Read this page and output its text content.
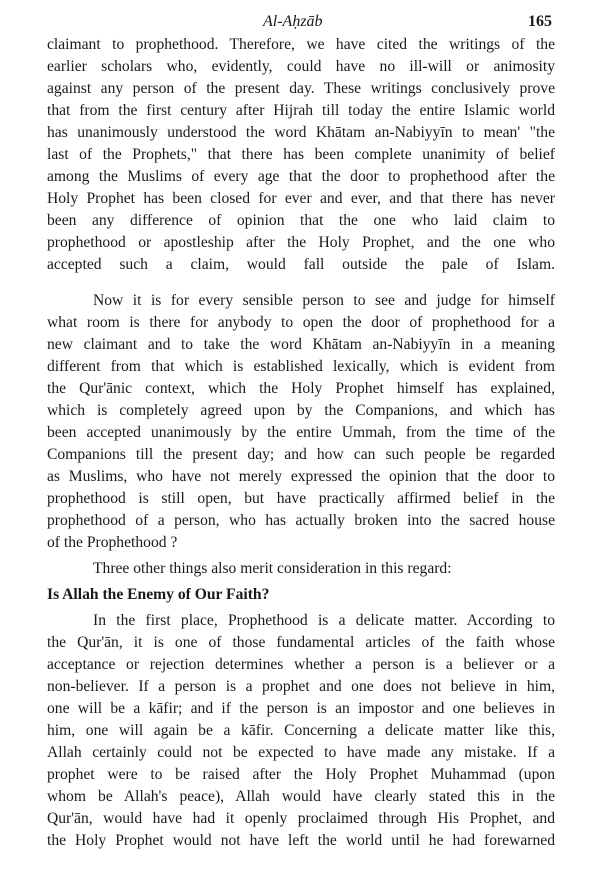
Al-Aḥzāb	165
claimant to prophethood. Therefore, we have cited the writings of the
earlier scholars who, evidently, could have no ill-will or animosity
against any person of the present day. These writings conclusively prove
that from the first century after Hijrah till today the entire Islamic world
has unanimously understood the word Khātam an-Nabiyyīn to mean' "the
last of the Prophets," that there has been complete unanimity of belief
among the Muslims of every age that the door to prophethood after the
Holy Prophet has been closed for ever and ever, and that there has never
been any difference of opinion that the one who laid claim to
prophethood or apostleship after the Holy Prophet, and the one who
accepted such a claim, would fall outside the pale of Islam.
Now it is for every sensible person to see and judge for himself
what room is there for anybody to open the door of prophethood for a
new claimant and to take the word Khātam an-Nabiyyīn in a meaning
different from that which is established lexically, which is evident from
the Qur'ānic context, which the Holy Prophet himself has explained,
which is completely agreed upon by the Companions, and which has
been accepted unanimously by the entire Ummah, from the time of the
Companions till the present day; and how can such people be regarded
as Muslims, who have not merely expressed the opinion that the door to
prophethood is still open, but have practically affirmed belief in the
prophethood of a person, who has actually broken into the sacred house
of the Prophethood ?
Three other things also merit consideration in this regard:
Is Allah the Enemy of Our Faith?
In the first place, Prophethood is a delicate matter. According to
the Qur'ān, it is one of those fundamental articles of the faith whose
acceptance or rejection determines whether a person is a believer or a
non-believer. If a person is a prophet and one does not believe in him,
one will be a kāfir; and if the person is an impostor and one believes in
him, one will again be a kāfir. Concerning a delicate matter like this,
Allah certainly could not be expected to have made any mistake. If a
prophet were to be raised after the Holy Prophet Muhammad (upon
whom be Allah's peace), Allah would have clearly stated this in the
Qur'ān, would have had it openly proclaimed through His Prophet, and
the Holy Prophet would not have left the world until he had forewarned
